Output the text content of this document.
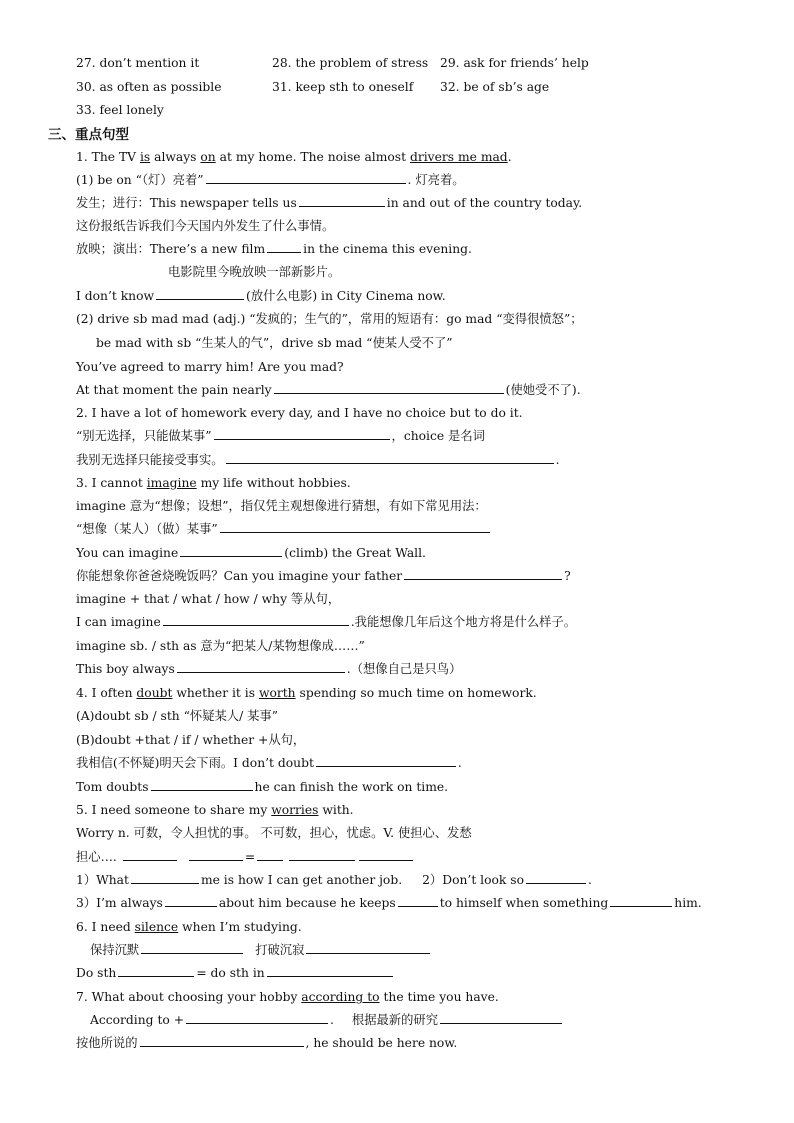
27. don’t mention it	28. the problem of stress 29. ask for friends’ help
30. as often as possible	31. keep sth to oneself 32. be of sb’s age
33. feel lonely
三、重点句型
1. The TV is always on at my home. The noise almost drivers me mad.
(1) be on “（灯）亮着”	. 灯亮着。
发生；进行：This newspaper tells us	in and out of the country today.
这份报纸告诉我们今天国内外发生了什么事情。
放映；演出：There’s a new film	in the cinema this evening.
电影院里今晚放映一部新影片。
I don’t know	(放什么电影) in City Cinema now.
(2) drive sb mad mad (adj.) “发疯的；生气的”，常用的短语有：go mad “变得很愤怒”；
be mad with sb “生某人的气”，drive sb mad “使某人受不了”
You’ve agreed to marry him! Are you mad?
At that moment the pain nearly	(使她受不了).
2. I have a lot of homework every day, and I have no choice but to do it.
“别无选择，只能做某事”	，choice 是名词
我别无选择只能接受事实。	.
3. I cannot imagine my life without hobbies.
imagine 意为“想像；设想”，指仅凭主观想像进行猜想，有如下常见用法：
“想像（某人）（做）某事”
You can imagine	(climb) the Great Wall.
你能想象你爸爸烧晚饭吗？Can you imagine your father	?
imagine + that / what / how / why 等从句，
I can imagine	.我能想像几年后这个地方将是什么样子。
imagine sb. / sth as 意为“把某人/某物想像成……”
This boy always	.（想像自己是只鸟）
4. I often doubt whether it is worth spending so much time on homework.
(A)doubt sb / sth “怀疑某人/ 某事”
(B)doubt +that / if / whether +从句，
我相信(不怀疑)明天会下雨。I don’t doubt	.
Tom doubts	he can finish the work on time.
5. I need someone to share my worries with.
Worry n. 可数，令人担忧的事。 不可数，担心，忧虑。V. 使担心、发愁
担心….	=
1）What	me is how I can get another job. 2）Don’t look so	.
3）I’m always	about him because he keeps	to himself when something	him.
6. I need silence when I’m studying.
保持沉默	打破沉寂
Do sth	= do sth in
7. What about choosing your hobby according to the time you have.
According to +	. 根据最新的研究
按他所说的	, he should be here now.
